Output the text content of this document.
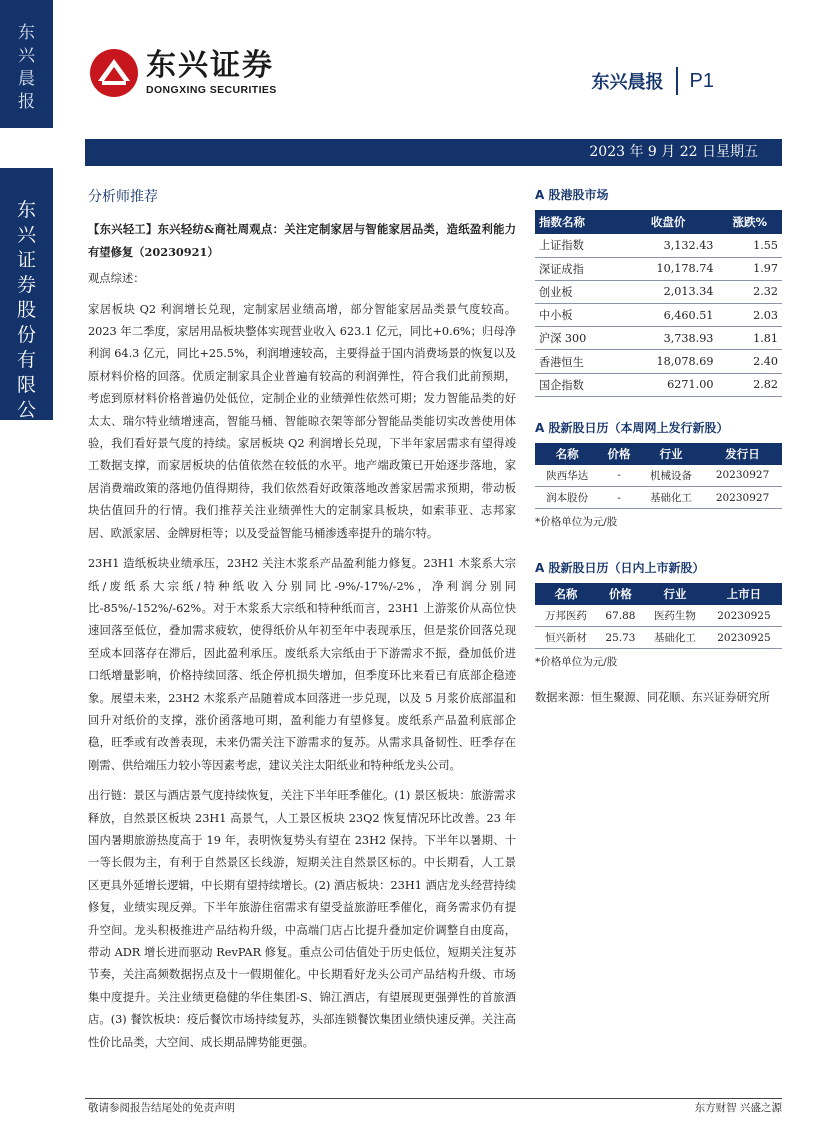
东
兴
晨
报
东
兴
证
券
股
份
有
限
公
司
东兴证券
DONGXING SECURITIES	东兴晨报 P1
2023 年 9 月 22 日星期五
分析师推荐
【东兴轻工】东兴轻纺&商社周观点：关注定制家居与智能家居品类，造纸盈利能力有望修复（20230921）
观点综述：

家居板块 Q2 利润增长兑现，定制家居业绩高增，部分智能家居品类景气度较高。2023 年二季度，家居用品板块整体实现营业收入 623.1 亿元，同比+0.6%；归母净利润 64.3 亿元，同比+25.5%，利润增速较高，主要得益于国内消费场景的恢复以及原材料价格的回落。优质定制家具企业普遍有较高的利润弹性，符合我们此前预期，考虑到原材料价格普遍仍处低位，定制企业的业绩弹性依然可期；发力智能品类的好太太、瑞尔特业绩增速高，智能马桶、智能晾衣架等部分智能品类能切实改善使用体验，我们看好景气度的持续。家居板块 Q2 利润增长兑现，下半年家居需求有望得竣工数据支撑，而家居板块的估值依然在较低的水平。地产端政策已开始逐步落地，家居消费端政策的落地仍值得期待，我们依然看好政策落地改善家居需求预期，带动板块估值回升的行情。我们推荐关注业绩弹性大的定制家具板块，如索菲亚、志邦家居、欧派家居、金牌厨柜等；以及受益智能马桶渗透率提升的瑞尔特。

23H1 造纸板块业绩承压，23H2 关注木浆系产品盈利能力修复。23H1 木浆系大宗纸/废纸系大宗纸/特种纸收入分别同比-9%/-17%/-2%，净利润分别同比-85%/-152%/-62%。对于木浆系大宗纸和特种纸而言，23H1 上游浆价从高位快速回落至低位，叠加需求疲软，使得纸价从年初至年中表现承压，但是浆价回落兑现至成本回落存在滞后，因此盈利承压。废纸系大宗纸由于下游需求不振，叠加低价进口纸增量影响，价格持续回落、纸企停机损失增加，但季度环比来看已有底部企稳迹象。展望未来，23H2 木浆系产品随着成本回落进一步兑现，以及 5 月浆价底部温和回升对纸价的支撑，涨价函落地可期，盈利能力有望修复。废纸系产品盈利底部企稳，旺季或有改善表现，未来仍需关注下游需求的复苏。从需求具备韧性、旺季存在刚需、供给端压力较小等因素考虑，建议关注太阳纸业和特种纸龙头公司。

出行链：景区与酒店景气度持续恢复，关注下半年旺季催化。(1) 景区板块：旅游需求释放，自然景区板块 23H1 高景气，人工景区板块 23Q2 恢复情况环比改善。23 年国内暑期旅游热度高于 19 年，表明恢复势头有望在 23H2 保持。下半年以暑期、十一等长假为主，有利于自然景区长线游，短期关注自然景区标的。中长期看，人工景区更具外延增长逻辑，中长期有望持续增长。(2) 酒店板块：23H1 酒店龙头经营持续修复，业绩实现反弹。下半年旅游住宿需求有望受益旅游旺季催化，商务需求仍有提升空间。龙头积极推进产品结构升级，中高端门店占比提升叠加定价调整自由度高，带动 ADR 增长进而驱动 RevPAR 修复。重点公司估值处于历史低位，短期关注复苏节奏，关注高频数据拐点及十一假期催化。中长期看好龙头公司产品结构升级、市场集中度提升。关注业绩更稳健的华住集团-S、锦江酒店，有望展现更强弹性的首旅酒店。(3) 餐饮板块：疫后餐饮市场持续复苏，头部连锁餐饮集团业绩快速反弹。关注高性价比品类，大空间、成长期品牌势能更强。

A 股港股市场
指数名称	收盘价	涨跌%
上证指数	3,132.43	1.55
深证成指	10,178.74	1.97
创业板	2,013.34	2.32
中小板	6,460.51	2.03
沪深 300	3,738.93	1.81
香港恒生	18,078.69	2.40
国企指数	6271.00	2.82
A 股新股日历（本周网上发行新股）
名称	价格	行业	发行日
陕西华达	-	机械设备	20230927
润本股份	-	基础化工	20230927
*价格单位为元/股
A 股新股日历（日内上市新股）
名称	价格	行业	上市日
万邦医药	67.88	医药生物	20230925
恒兴新材	25.73	基础化工	20230925
*价格单位为元/股
数据来源：恒生聚源、同花顺、东兴证券研究所
敬请参阅报告结尾处的免责声明	东方财智 兴盛之源
